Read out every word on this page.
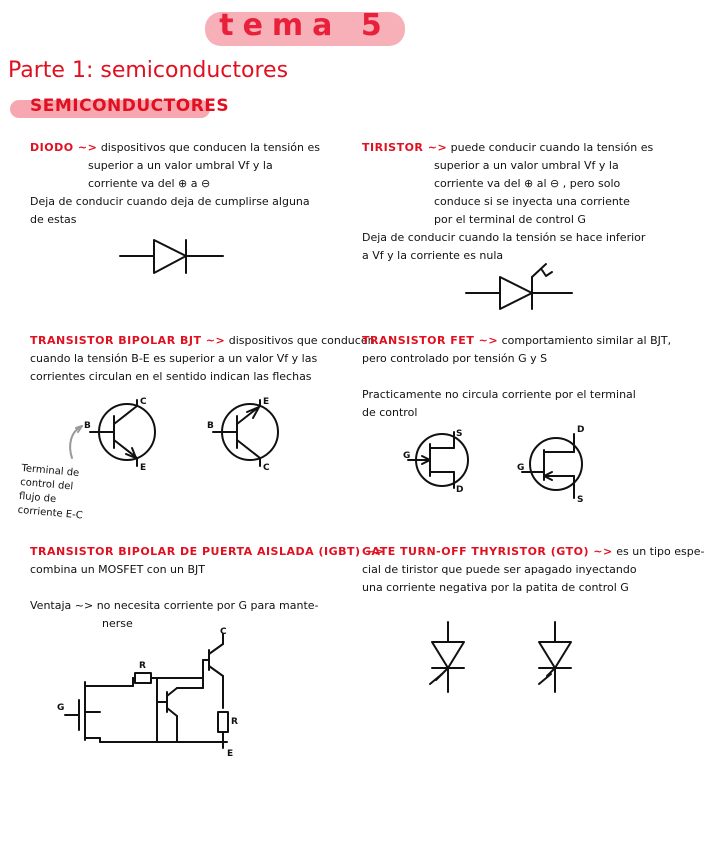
tema 5
Parte 1: semiconductores
SEMICONDUCTORES
DIODO ~> dispositivos que conducen la tensión es
superior a un valor umbral Vf y la
corriente va del ⊕ a ⊖
Deja de conducir cuando deja de cumplirse alguna
de estas
TIRISTOR ~> puede conducir cuando la tensión es
superior a un valor umbral Vf y la
corriente va del ⊕ al ⊖ , pero solo
conduce si se inyecta una corriente
por el terminal de control G
Deja de conducir cuando la tensión se hace inferior
a Vf y la corriente es nula
TRANSISTOR BIPOLAR BJT ~> dispositivos que conducen
cuando la tensión B-E es superior a un valor Vf y las
corrientes circulan en el sentido indican las flechas
B
C
E
B
E
C
Terminal de
control del
flujo de
corriente E-C
TRANSISTOR FET ~> comportamiento similar al BJT,
pero controlado por tensión G y S
Practicamente no circula corriente por el terminal
de control
G
S
D
G
D
S
TRANSISTOR BIPOLAR DE PUERTA AISLADA (IGBT) ~>
combina un MOSFET con un BJT
Ventaja ~> no necesita corriente por G para mante-
nerse
G
C
E
R
R
GATE TURN-OFF THYRISTOR (GTO) ~> es un tipo espe-
cial de tiristor que puede ser apagado inyectando
una corriente negativa por la patita de control G
